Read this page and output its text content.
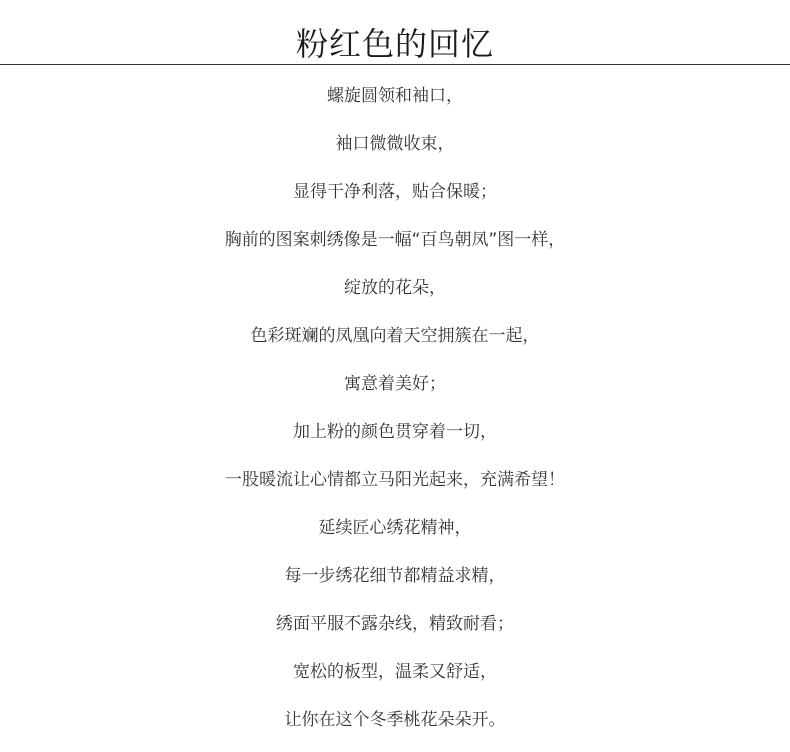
粉红色的回忆
螺旋圆领和袖口，
袖口微微收束，
显得干净利落，贴合保暖；
胸前的图案刺绣像是一幅“百鸟朝凤”图一样，
绽放的花朵，
色彩斑斓的凤凰向着天空拥簇在一起，
寓意着美好；
加上粉的颜色贯穿着一切，
一股暖流让心情都立马阳光起来，充满希望！
延续匠心绣花精神，
每一步绣花细节都精益求精，
绣面平服不露杂线，精致耐看；
宽松的板型，温柔又舒适，
让你在这个冬季桃花朵朵开。
